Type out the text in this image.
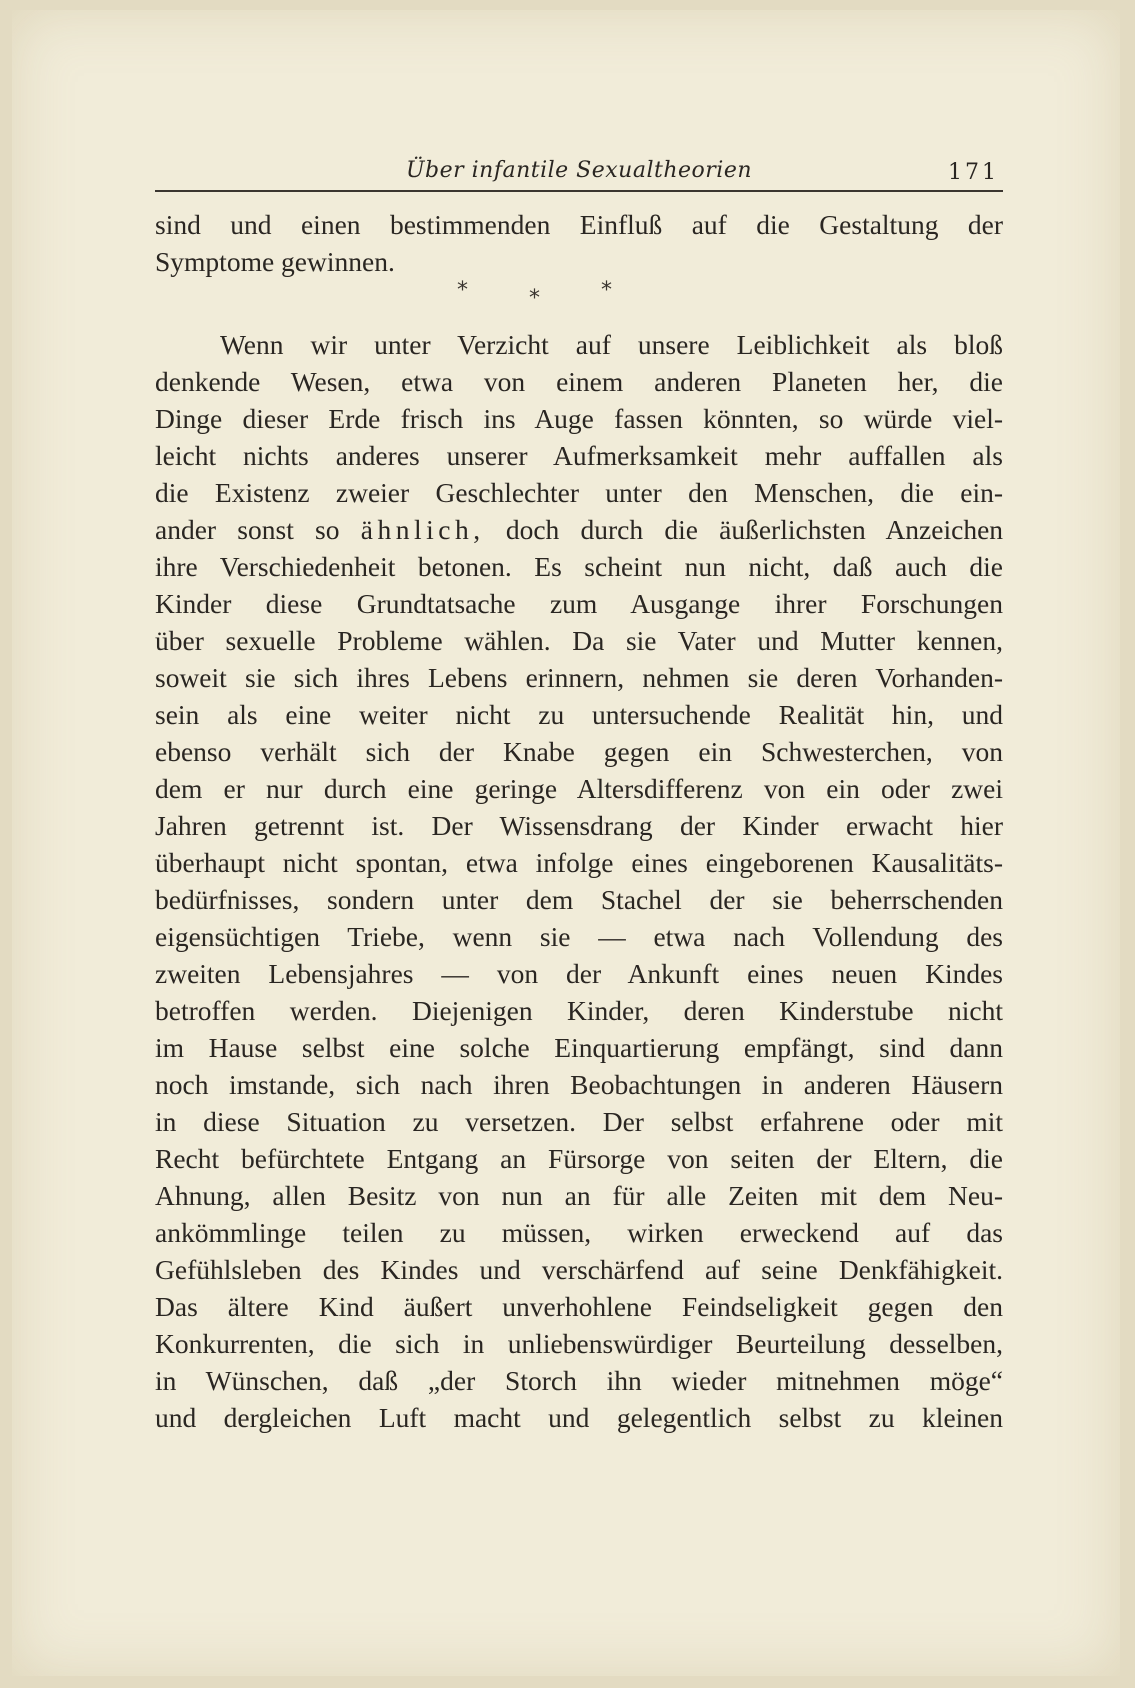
Über infantile Sexualtheorien	171
sind und einen bestimmenden Einfluß auf die Gestaltung der
Symptome gewinnen.
*	*	*
Wenn wir unter Verzicht auf unsere Leiblichkeit als bloß
denkende Wesen, etwa von einem anderen Planeten her, die
Dinge dieser Erde frisch ins Auge fassen könnten, so würde viel-
leicht nichts anderes unserer Aufmerksamkeit mehr auffallen als
die Existenz zweier Geschlechter unter den Menschen, die ein-
ander sonst so ähnlich, doch durch die äußerlichsten Anzeichen
ihre Verschiedenheit betonen. Es scheint nun nicht, daß auch die
Kinder diese Grundtatsache zum Ausgange ihrer Forschungen
über sexuelle Probleme wählen. Da sie Vater und Mutter kennen,
soweit sie sich ihres Lebens erinnern, nehmen sie deren Vorhanden-
sein als eine weiter nicht zu untersuchende Realität hin, und
ebenso verhält sich der Knabe gegen ein Schwesterchen, von
dem er nur durch eine geringe Altersdifferenz von ein oder zwei
Jahren getrennt ist. Der Wissensdrang der Kinder erwacht hier
überhaupt nicht spontan, etwa infolge eines eingeborenen Kausalitäts-
bedürfnisses, sondern unter dem Stachel der sie beherrschenden
eigensüchtigen Triebe, wenn sie — etwa nach Vollendung des
zweiten Lebensjahres — von der Ankunft eines neuen Kindes
betroffen werden. Diejenigen Kinder, deren Kinderstube nicht
im Hause selbst eine solche Einquartierung empfängt, sind dann
noch imstande, sich nach ihren Beobachtungen in anderen Häusern
in diese Situation zu versetzen. Der selbst erfahrene oder mit
Recht befürchtete Entgang an Fürsorge von seiten der Eltern, die
Ahnung, allen Besitz von nun an für alle Zeiten mit dem Neu-
ankömmlinge teilen zu müssen, wirken erweckend auf das
Gefühlsleben des Kindes und verschärfend auf seine Denkfähigkeit.
Das ältere Kind äußert unverhohlene Feindseligkeit gegen den
Konkurrenten, die sich in unliebenswürdiger Beurteilung desselben,
in Wünschen, daß „der Storch ihn wieder mitnehmen möge“
und dergleichen Luft macht und gelegentlich selbst zu kleinen
